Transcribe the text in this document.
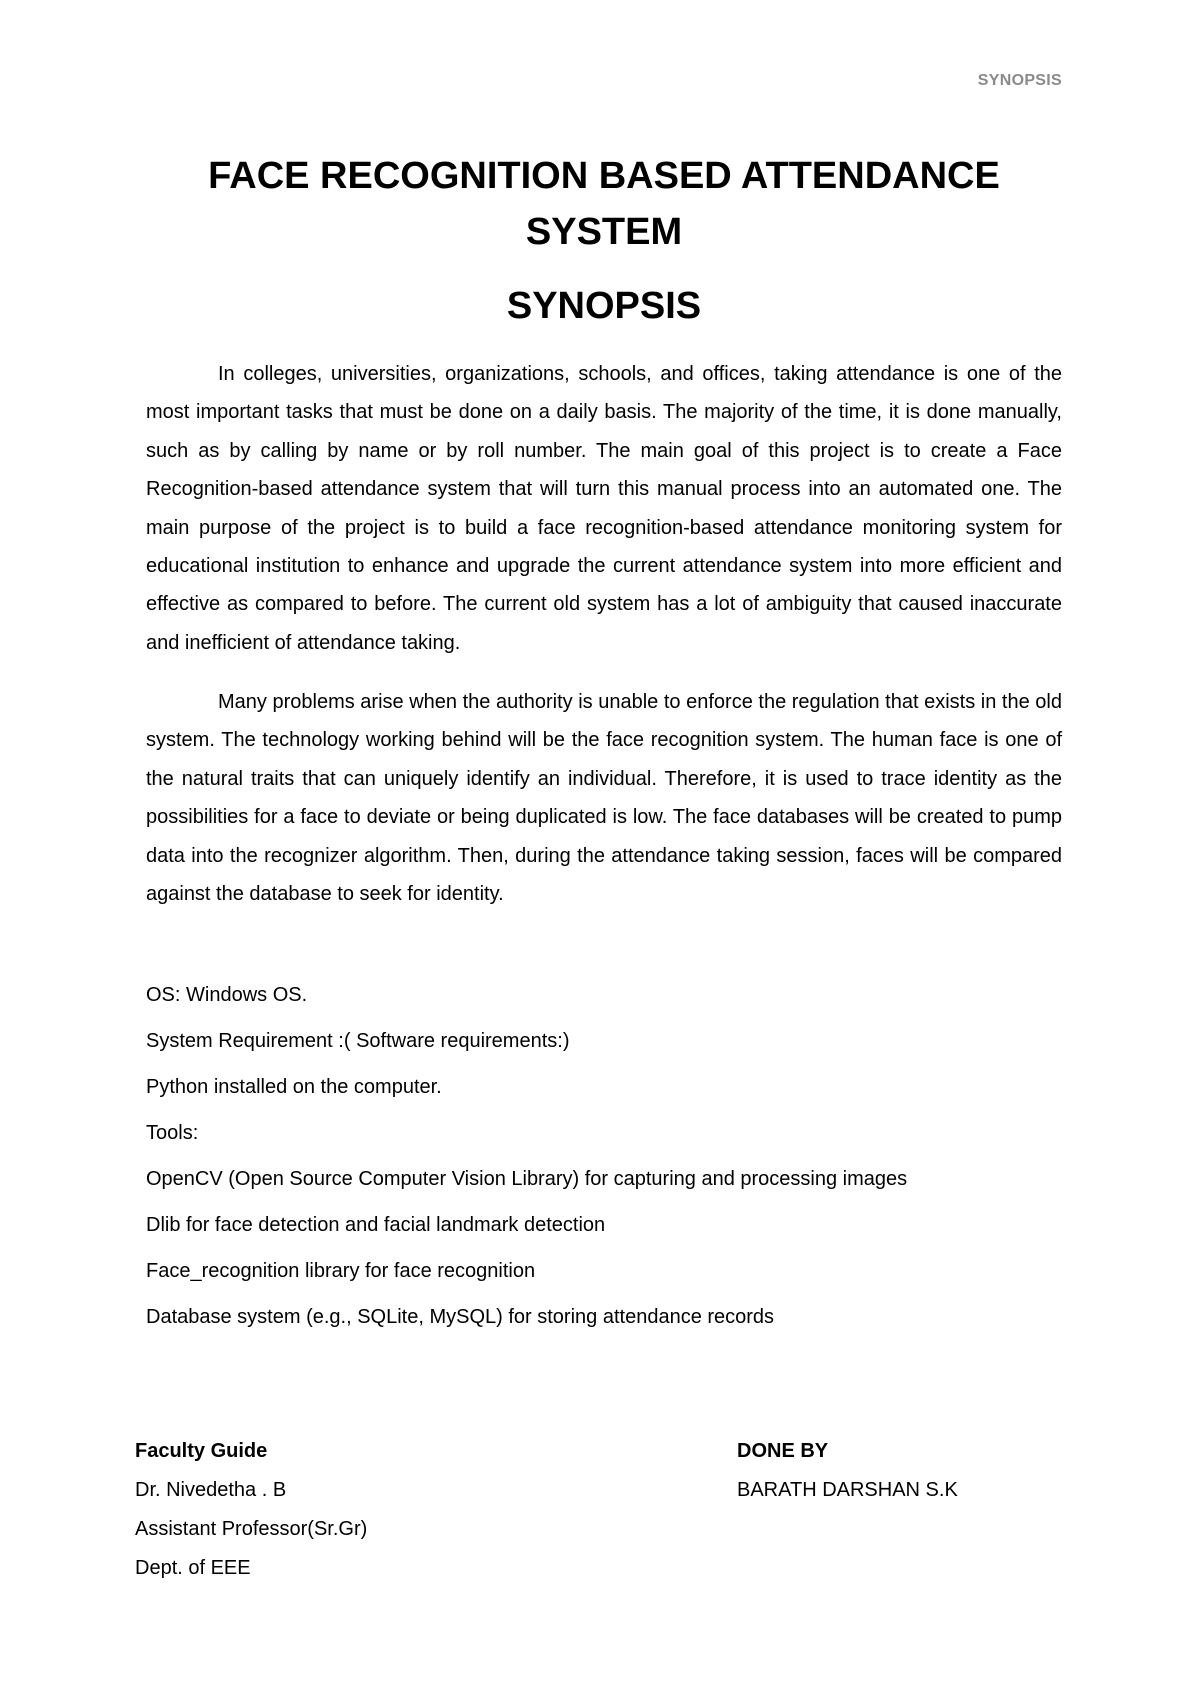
SYNOPSIS
FACE RECOGNITION BASED ATTENDANCE
SYSTEM
SYNOPSIS

In colleges, universities, organizations, schools, and offices, taking attendance is one of the most important tasks that must be done on a daily basis. The majority of the time, it is done manually, such as by calling by name or by roll number. The main goal of this project is to create a Face Recognition-based attendance system that will turn this manual process into an automated one. The main purpose of the project is to build a face recognition-based attendance monitoring system for educational institution to enhance and upgrade the current attendance system into more efficient and effective as compared to before. The current old system has a lot of ambiguity that caused inaccurate and inefficient of attendance taking.

Many problems arise when the authority is unable to enforce the regulation that exists in the old system. The technology working behind will be the face recognition system. The human face is one of the natural traits that can uniquely identify an individual. Therefore, it is used to trace identity as the possibilities for a face to deviate or being duplicated is low. The face databases will be created to pump data into the recognizer algorithm. Then, during the attendance taking session, faces will be compared against the database to seek for identity.

OS: Windows OS.
System Requirement :( Software requirements:)
Python installed on the computer.
Tools:
OpenCV (Open Source Computer Vision Library) for capturing and processing images
Dlib for face detection and facial landmark detection
Face_recognition library for face recognition
Database system (e.g., SQLite, MySQL) for storing attendance records
Faculty Guide
Dr. Nivedetha . B
Assistant Professor(Sr.Gr)
Dept. of EEE
DONE BY
BARATH DARSHAN S.K
